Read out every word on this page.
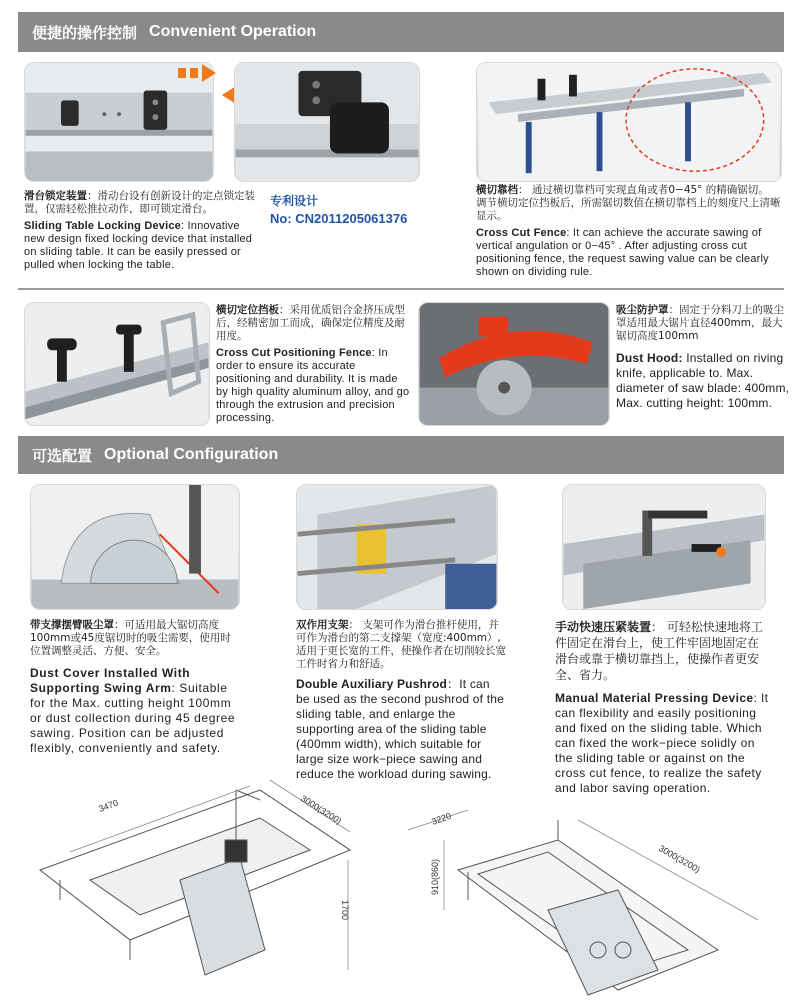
便捷的操作控制 Convenient Operation
滑台锁定装置：滑动台设有创新设计的定点锁定装置，仅需轻松推拉动作，即可锁定滑台。
Sliding Table Locking Device: Innovative new design fixed locking device that installed on sliding table. It can be easily pressed or pulled when locking the table.
专利设计
No: CN2011205061376
横切靠档： 通过横切靠档可实现直角或者0−45° 的精确锯切。 调节横切定位挡板后，所需锯切数值在横切靠档上的刻度尺上清晰显示。
Cross Cut Fence: It can achieve the accurate sawing of vertical angulation or 0−45° . After adjusting cross cut positioning fence, the request sawing value can be clearly shown on dividing rule.
横切定位挡板：采用优质铝合金挤压成型后，经精密加工而成，确保定位精度及耐用度。
Cross Cut Positioning Fence: In order to ensure its accurate positioning and durability. It is made by high quality aluminum alloy, and go through the extrusion and precision processing.
吸尘防护罩：固定于分料刀上的吸尘罩适用最大锯片直径400mm，最大锯切高度100mm
Dust Hood: Installed on riving knife, applicable to. Max. diameter of saw blade: 400mm, Max. cutting height: 100mm.
可选配置 Optional Configuration
带支撑摆臂吸尘罩：可适用最大锯切高度100mm或45度锯切时的吸尘需要，使用时位置调整灵活、方便、安全。
Dust Cover Installed With Supporting Swing Arm: Suitable for the Max. cutting height 100mm or dust collection during 45 degree sawing. Position can be adjusted flexibly, conveniently and safety.
双作用支架： 支架可作为滑台推杆使用，并可作为滑台的第二支撑架（宽度:400mm）,适用于更长宽的工件，使操作者在切削较长宽工件时省力和舒适。
Double Auxiliary Pushrod：It can be used as the second pushrod of the sliding table, and enlarge the supporting area of the sliding table (400mm width), which suitable for large size work−piece sawing and reduce the workload during sawing.
手动快速压紧装置： 可轻松快速地将工件固定在滑台上，使工件牢固地固定在滑台或靠于横切靠挡上，使操作者更安全、省力。
Manual Material Pressing Device: It can flexibility and easily positioning and fixed on the sliding table. Which can fixed the work−piece solidly on the sliding table or against on the cross cut fence, to realize the safety and labor saving operation.
3470	3000(3200)
1700
3220
910(860)
3000(3200)
